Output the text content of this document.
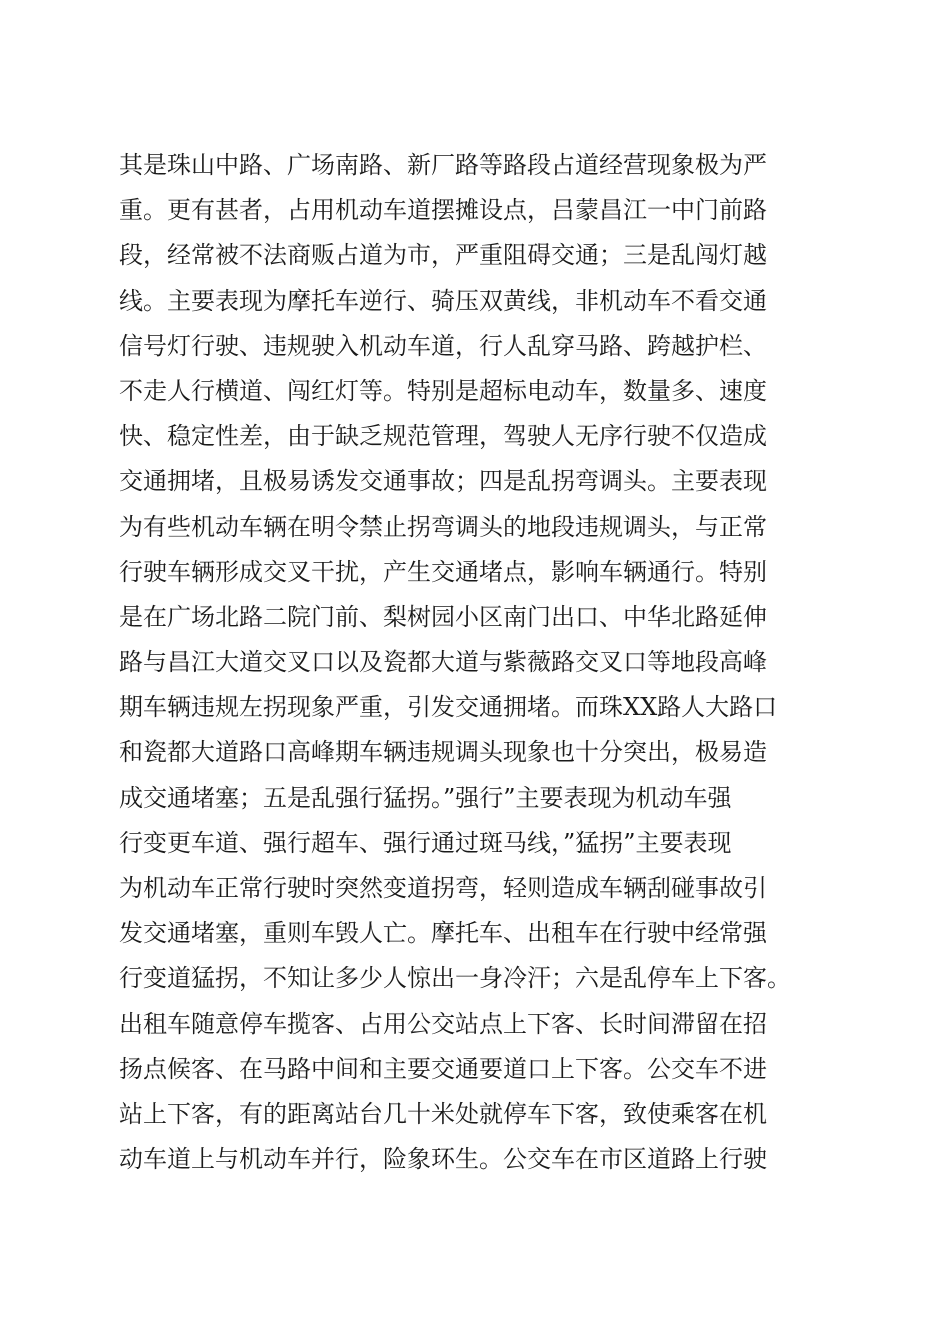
其是珠山中路、广场南路、新厂路等路段占道经营现象极为严
重。更有甚者，占用机动车道摆摊设点，吕蒙昌江一中门前路
段，经常被不法商贩占道为市，严重阻碍交通；三是乱闯灯越
线。主要表现为摩托车逆行、骑压双黄线，非机动车不看交通
信号灯行驶、违规驶入机动车道，行人乱穿马路、跨越护栏、
不走人行横道、闯红灯等。特别是超标电动车，数量多、速度
快、稳定性差，由于缺乏规范管理，驾驶人无序行驶不仅造成
交通拥堵，且极易诱发交通事故；四是乱拐弯调头。主要表现
为有些机动车辆在明令禁止拐弯调头的地段违规调头，与正常
行驶车辆形成交叉干扰，产生交通堵点，影响车辆通行。特别
是在广场北路二院门前、梨树园小区南门出口、中华北路延伸
路与昌江大道交叉口以及瓷都大道与紫薇路交叉口等地段高峰
期车辆违规左拐现象严重，引发交通拥堵。而珠XX路人大路口
和瓷都大道路口高峰期车辆违规调头现象也十分突出，极易造
成交通堵塞；五是乱强行猛拐。”强行”主要表现为机动车强
行变更车道、强行超车、强行通过斑马线，”猛拐”主要表现
为机动车正常行驶时突然变道拐弯，轻则造成车辆刮碰事故引
发交通堵塞，重则车毁人亡。摩托车、出租车在行驶中经常强
行变道猛拐，不知让多少人惊出一身冷汗；六是乱停车上下客。
出租车随意停车揽客、占用公交站点上下客、长时间滞留在招
扬点候客、在马路中间和主要交通要道口上下客。公交车不进
站上下客，有的距离站台几十米处就停车下客，致使乘客在机
动车道上与机动车并行，险象环生。公交车在市区道路上行驶
